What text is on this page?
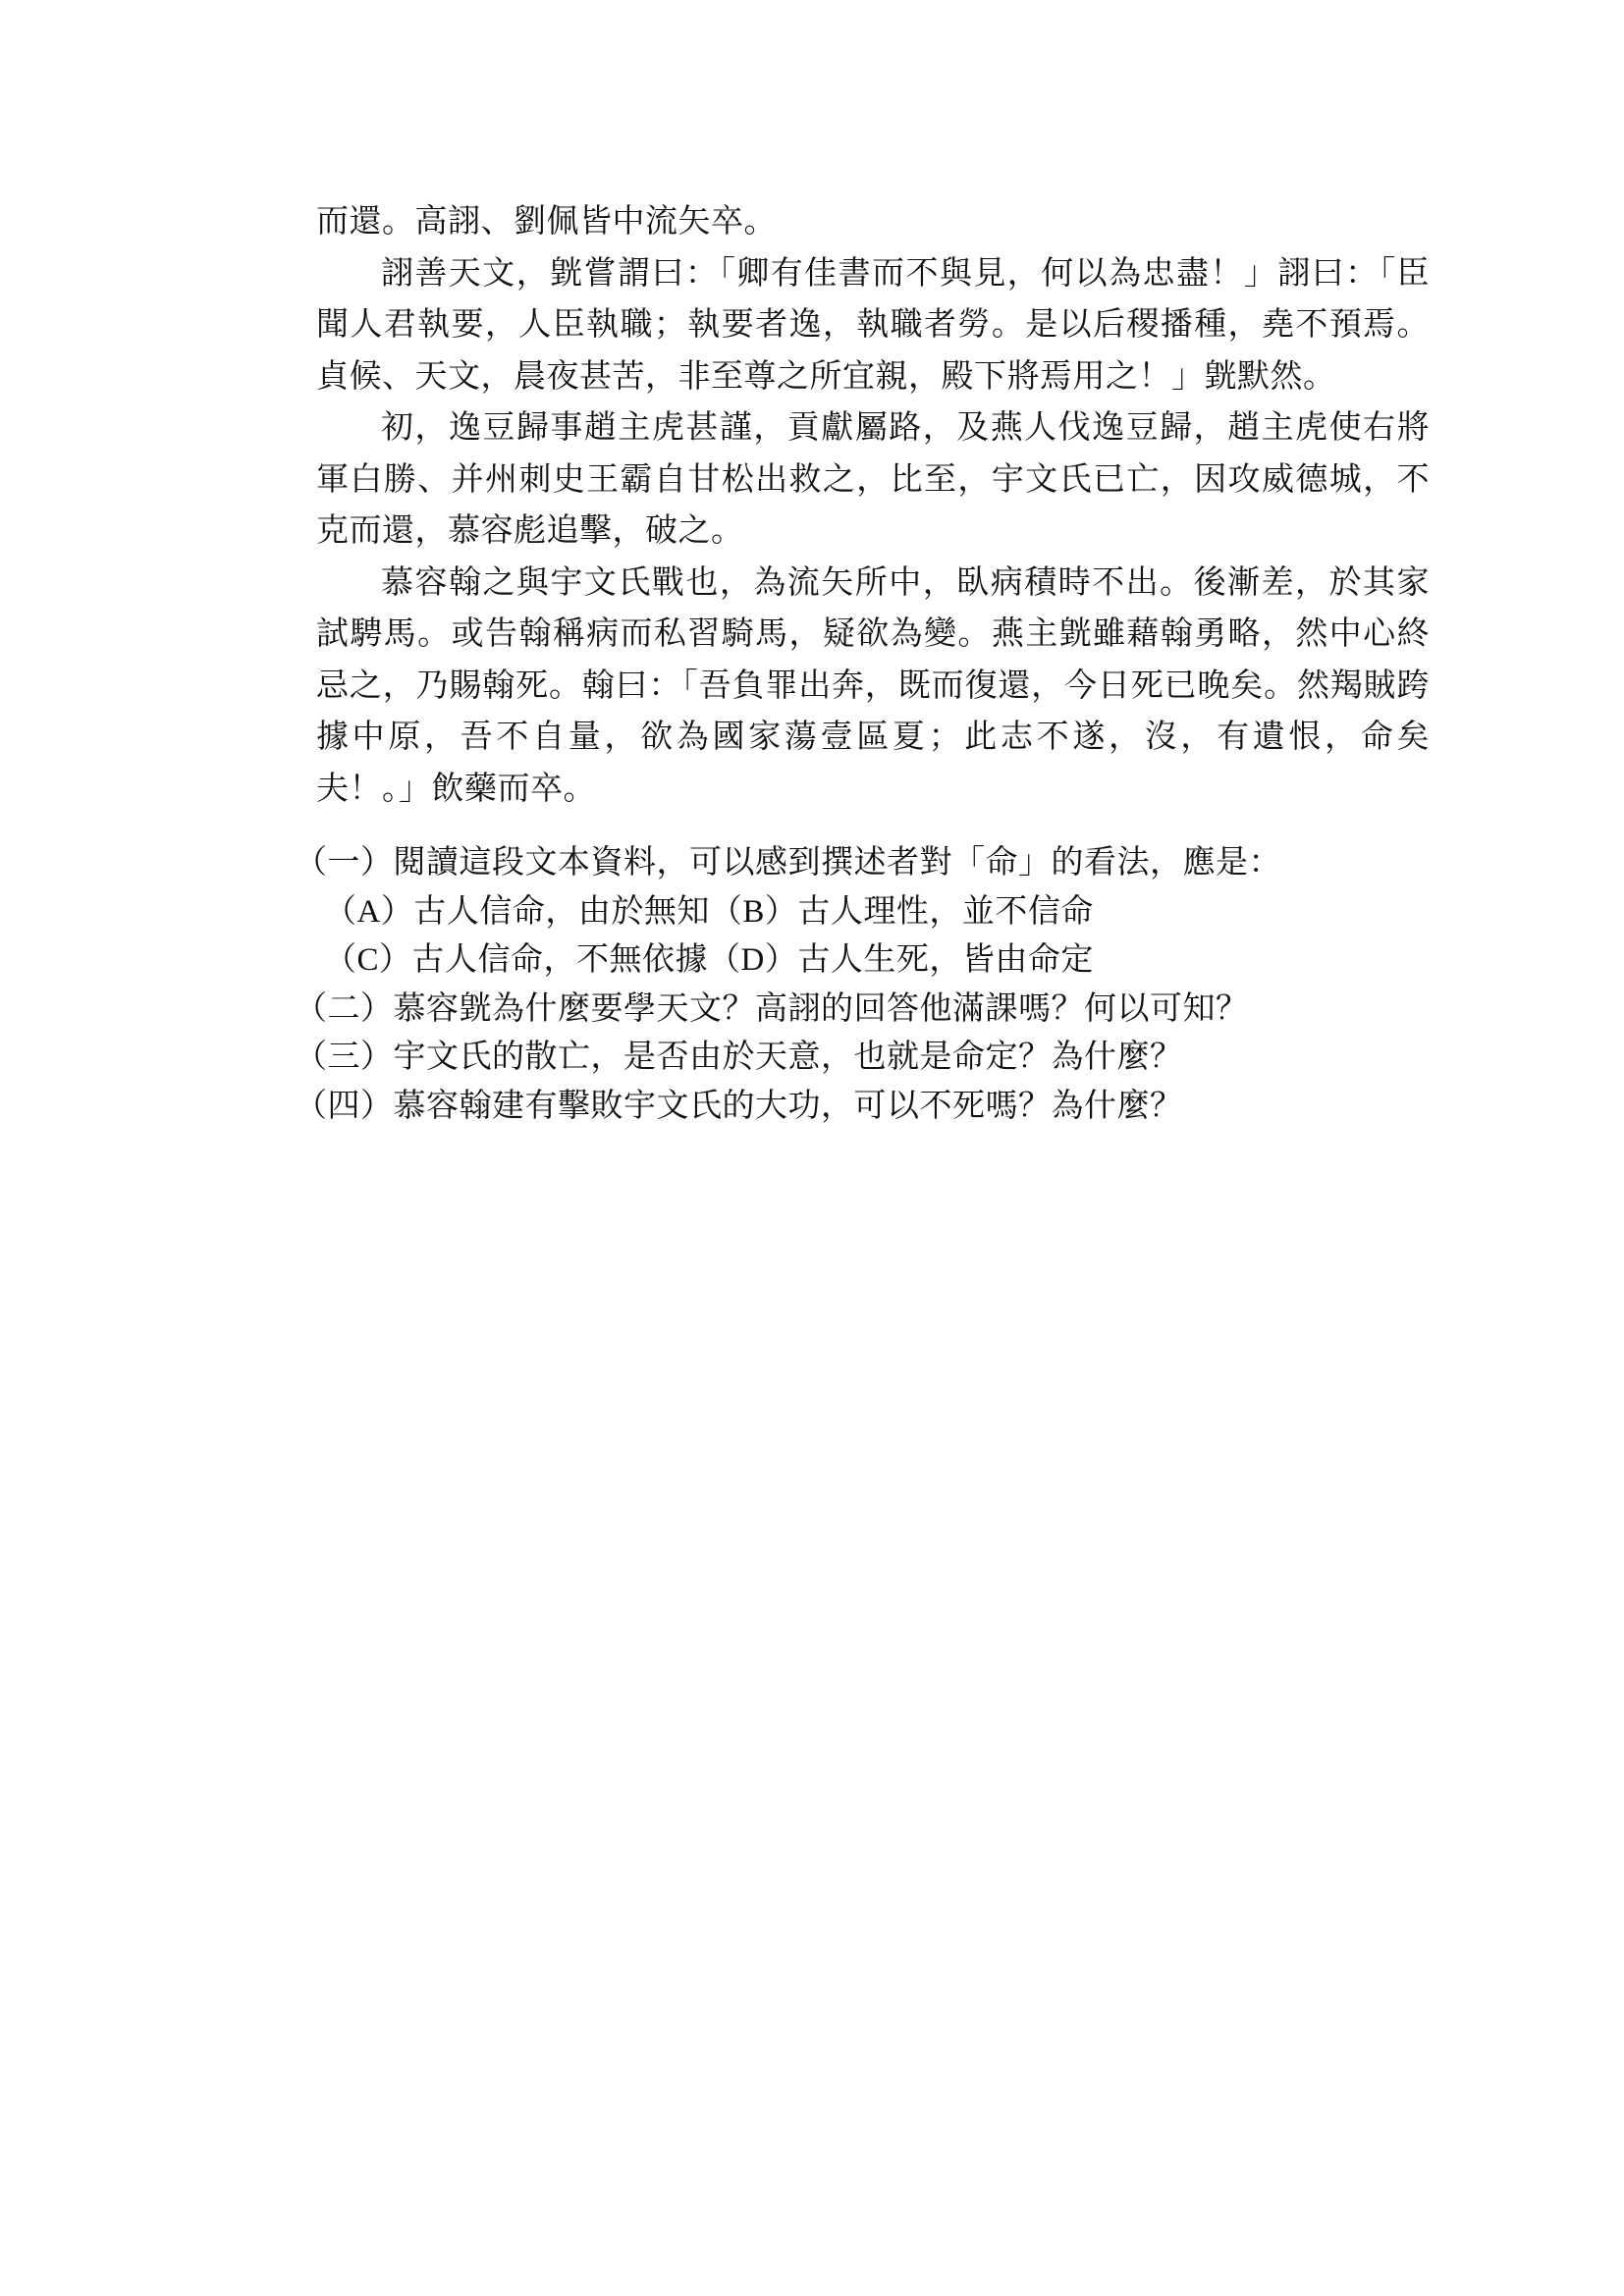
而還。高詡、劉佩皆中流矢卒。

詡善天文，皝嘗謂曰：「卿有佳書而不與見，何以為忠盡！」詡曰：「臣聞人君執要，人臣執職；執要者逸，執職者勞。是以后稷播種，堯不預焉。貞候、天文，晨夜甚苦，非至尊之所宜親，殿下將焉用之！」皝默然。

初，逸豆歸事趙主虎甚謹，貢獻屬路，及燕人伐逸豆歸，趙主虎使右將軍白勝、并州刺史王霸自甘松出救之，比至，宇文氏已亡，因攻威德城，不克而還，慕容彪追擊，破之。

慕容翰之與宇文氏戰也，為流矢所中，臥病積時不出。後漸差，於其家試騁馬。或告翰稱病而私習騎馬，疑欲為變。燕主皝雖藉翰勇略，然中心終忌之，乃賜翰死。翰曰：「吾負罪出奔，既而復還，今日死已晚矣。然羯賊跨據中原，吾不自量，欲為國家蕩壹區夏；此志不遂，沒，有遺恨，命矣夫！。」飲藥而卒。

（一）閱讀這段文本資料，可以感到撰述者對「命」的看法，應是：

（A）古人信命，由於無知（B）古人理性，並不信命

（C）古人信命，不無依據（D）古人生死，皆由命定

（二）慕容皝為什麼要學天文？高詡的回答他滿課嗎？何以可知？

（三）宇文氏的散亡，是否由於天意，也就是命定？為什麼？

（四）慕容翰建有擊敗宇文氏的大功，可以不死嗎？為什麼？
